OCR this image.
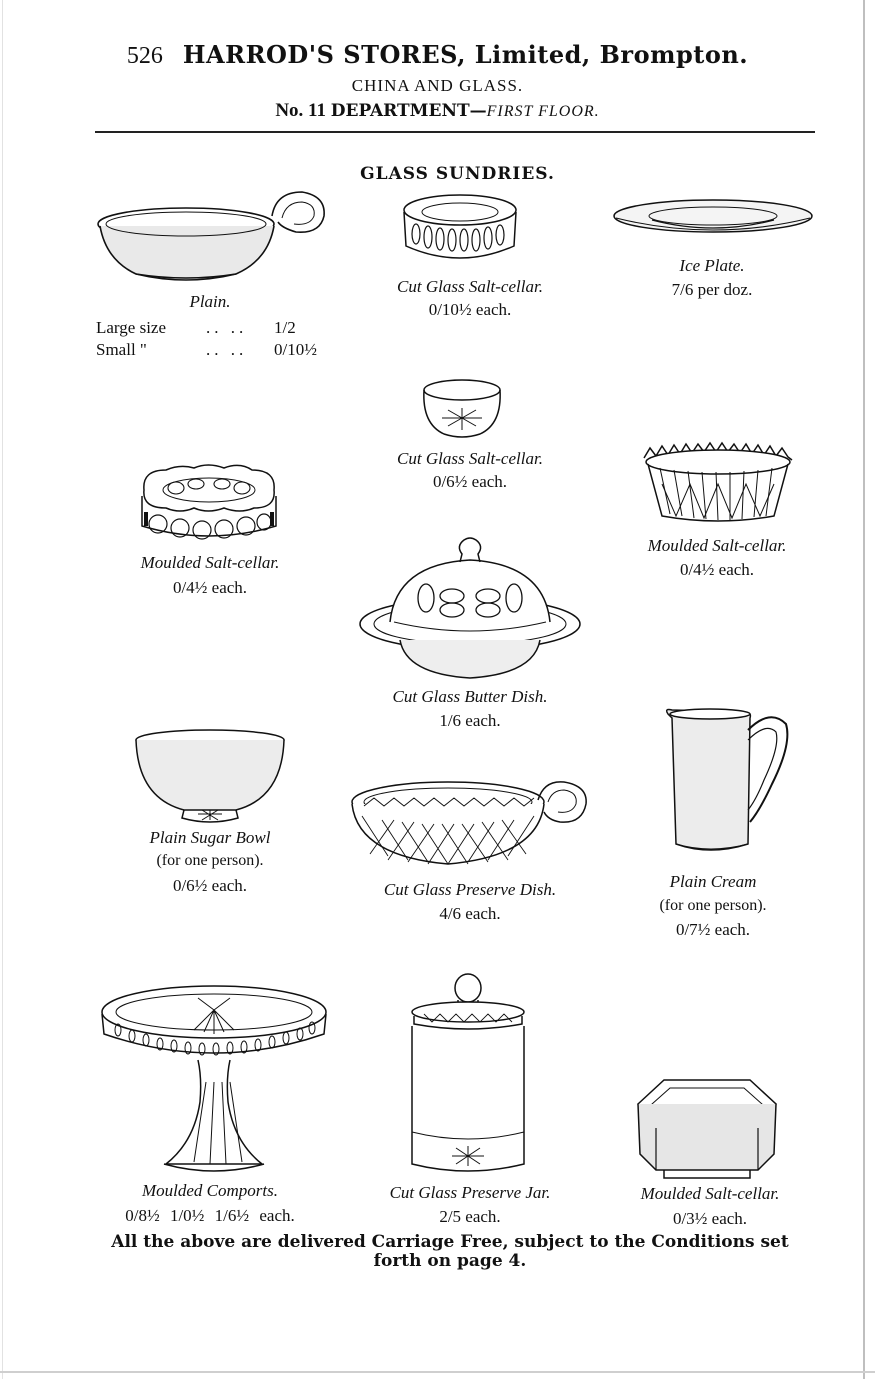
526 HARROD'S STORES, Limited, Brompton.
CHINA AND GLASS.
No. 11 DEPARTMENT—FIRST FLOOR.
GLASS SUNDRIES.
Plain.
Large size	.. ..	1/2
Small "	.. ..	0/10½
Cut Glass Salt-cellar.
0/10½ each.
Ice Plate.
7/6 per doz.
Cut Glass Salt-cellar.
0/6½ each.
Moulded Salt-cellar.
0/4½ each.
Moulded Salt-cellar.
0/4½ each.
Cut Glass Butter Dish.
1/6 each.
Plain Sugar Bowl
(for one person).
0/6½ each.	Cut Glass Preserve Dish.
4/6 each.
Plain Cream
(for one person).
0/7½ each.
Moulded Comports.
0/8½ 1/0½ 1/6½ each.
Cut Glass Preserve Jar.
2/5 each.
Moulded Salt-cellar.
0/3½ each.
All the above are delivered Carriage Free, subject to the Conditions set
forth on page 4.
